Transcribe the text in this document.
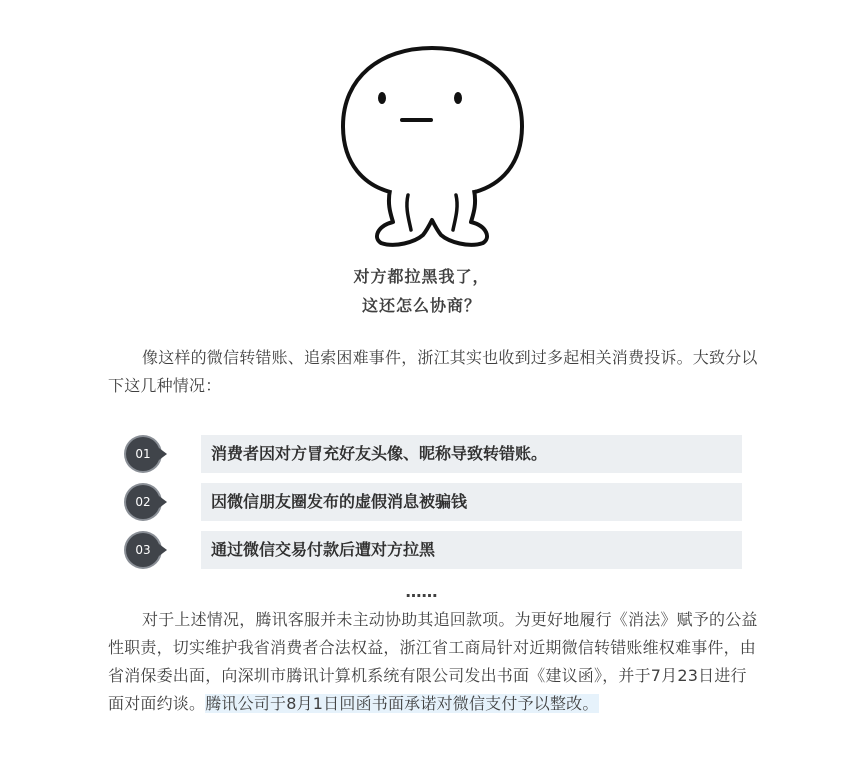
对方都拉黑我了，
这还怎么协商？
像这样的微信转错账、追索困难事件，浙江其实也收到过多起相关消费投诉。大致分以下这几种情况：
01	消费者因对方冒充好友头像、昵称导致转错账。
02	因微信朋友圈发布的虚假消息被骗钱
03	通过微信交易付款后遭对方拉黑
……
对于上述情况，腾讯客服并未主动协助其追回款项。为更好地履行《消法》赋予的公益性职责，切实维护我省消费者合法权益，浙江省工商局针对近期微信转错账维权难事件，由省消保委出面，向深圳市腾讯计算机系统有限公司发出书面《建议函》，并于7月23日进行面对面约谈。腾讯公司于8月1日回函书面承诺对微信支付予以整改。
